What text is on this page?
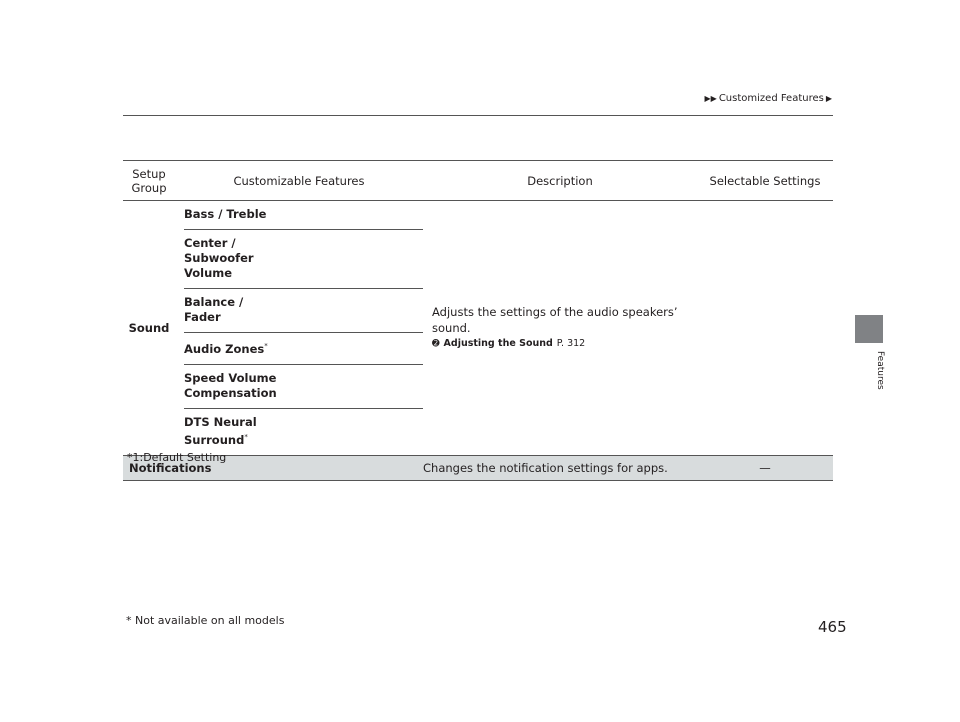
▶▶ Customized Features ▶
Features
Setup
Group	Customizable Features	Description	Selectable Settings
Sound	Bass / Treble	Adjusts the settings of the audio speakers’ sound.
➋ Adjusting the Sound P. 312	

	Center /
Subwoofer
Volume		

	Balance /
Fader		

	Audio Zones*

	Speed Volume
Compensation		

	DTS Neural
Surround*

Notifications		Changes the notification settings for apps.	—
*1:Default Setting
* Not available on all models	465
